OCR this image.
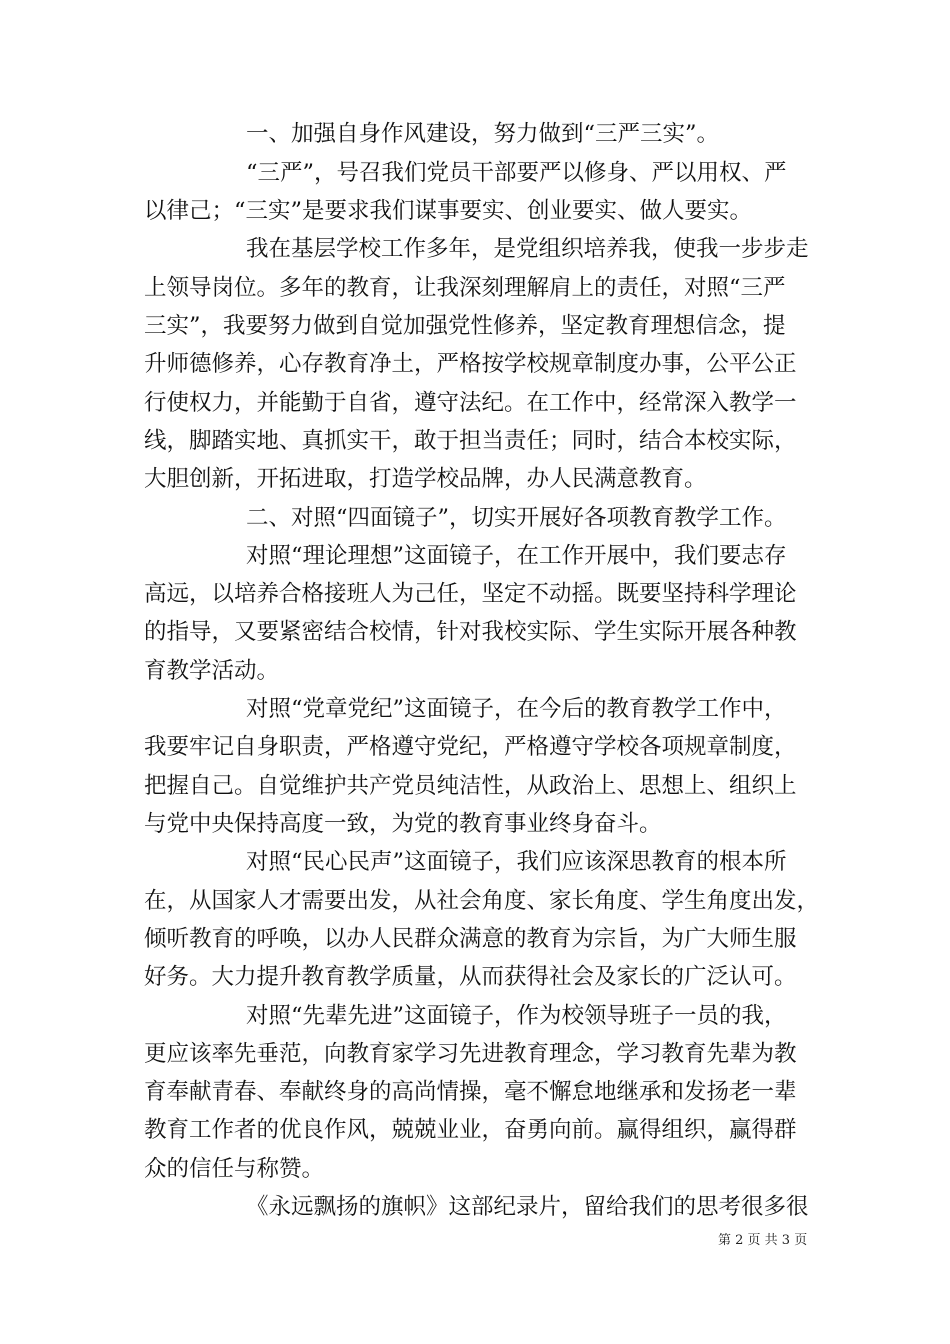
一、加强自身作风建设，努力做到“三严三实”。
“三严”，号召我们党员干部要严以修身、严以用权、严
以律己；“三实”是要求我们谋事要实、创业要实、做人要实。
我在基层学校工作多年，是党组织培养我，使我一步步走
上领导岗位。多年的教育，让我深刻理解肩上的责任，对照“三严
三实”，我要努力做到自觉加强党性修养，坚定教育理想信念，提
升师德修养，心存教育净土，严格按学校规章制度办事，公平公正
行使权力，并能勤于自省，遵守法纪。在工作中，经常深入教学一
线，脚踏实地、真抓实干，敢于担当责任；同时，结合本校实际，
大胆创新，开拓进取，打造学校品牌，办人民满意教育。
二、对照“四面镜子”，切实开展好各项教育教学工作。
对照“理论理想”这面镜子，在工作开展中，我们要志存
高远，以培养合格接班人为己任，坚定不动摇。既要坚持科学理论
的指导，又要紧密结合校情，针对我校实际、学生实际开展各种教
育教学活动。
对照“党章党纪”这面镜子，在今后的教育教学工作中，
我要牢记自身职责，严格遵守党纪，严格遵守学校各项规章制度，
把握自己。自觉维护共产党员纯洁性，从政治上、思想上、组织上
与党中央保持高度一致，为党的教育事业终身奋斗。
对照“民心民声”这面镜子，我们应该深思教育的根本所
在，从国家人才需要出发，从社会角度、家长角度、学生角度出发，
倾听教育的呼唤，以办人民群众满意的教育为宗旨，为广大师生服
好务。大力提升教育教学质量，从而获得社会及家长的广泛认可。
对照“先辈先进”这面镜子，作为校领导班子一员的我，
更应该率先垂范，向教育家学习先进教育理念，学习教育先辈为教
育奉献青春、奉献终身的高尚情操，毫不懈怠地继承和发扬老一辈
教育工作者的优良作风，兢兢业业，奋勇向前。赢得组织，赢得群
众的信任与称赞。
《永远飘扬的旗帜》这部纪录片，留给我们的思考很多很
第 2 页 共 3 页
